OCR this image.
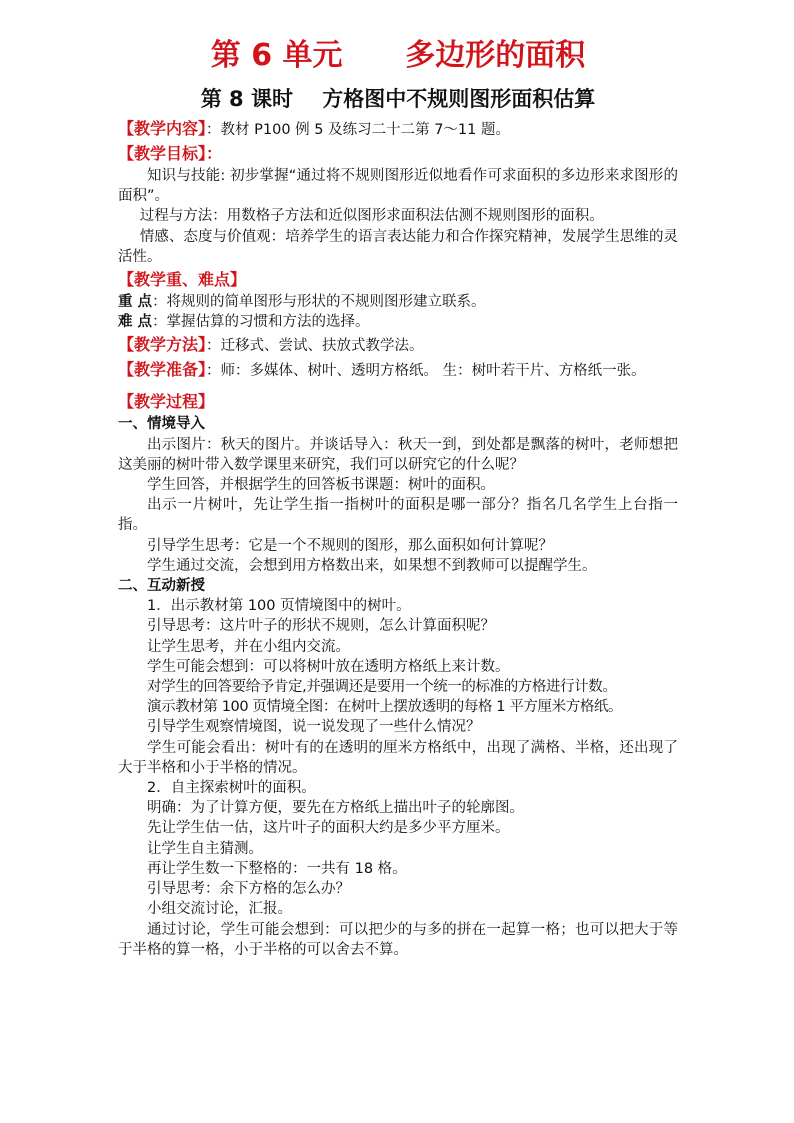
第 6 单元      多边形的面积
第 8 课时    方格图中不规则图形面积估算
【教学内容】：教材 P100 例 5 及练习二十二第 7～11 题。
【教学目标】：

知识与技能: 初步掌握“通过将不规则图形近似地看作可求面积的多边形来求图形的面积”。

过程与方法：用数格子方法和近似图形求面积法估测不规则图形的面积。

情感、态度与价值观：培养学生的语言表达能力和合作探究精神，发展学生思维的灵活性。

【教学重、难点】

重 点：将规则的简单图形与形状的不规则图形建立联系。

难 点：掌握估算的习惯和方法的选择。

【教学方法】：迁移式、尝试、扶放式教学法。
【教学准备】：师：多媒体、树叶、透明方格纸。 生：树叶若干片、方格纸一张。
【教学过程】

一、情境导入

出示图片：秋天的图片。并谈话导入：秋天一到，到处都是飘落的树叶，老师想把这美丽的树叶带入数学课里来研究，我们可以研究它的什么呢？

学生回答，并根据学生的回答板书课题：树叶的面积。

出示一片树叶，先让学生指一指树叶的面积是哪一部分？指名几名学生上台指一指。

引导学生思考：它是一个不规则的图形，那么面积如何计算呢？

学生通过交流，会想到用方格数出来，如果想不到教师可以提醒学生。

二、互动新授

1．出示教材第 100 页情境图中的树叶。

引导思考：这片叶子的形状不规则，怎么计算面积呢？

让学生思考，并在小组内交流。

学生可能会想到：可以将树叶放在透明方格纸上来计数。

对学生的回答要给予肯定,并强调还是要用一个统一的标准的方格进行计数。

演示教材第 100 页情境全图：在树叶上摆放透明的每格 1 平方厘米方格纸。

引导学生观察情境图，说一说发现了一些什么情况？

学生可能会看出：树叶有的在透明的厘米方格纸中，出现了满格、半格，还出现了大于半格和小于半格的情况。

2．自主探索树叶的面积。

明确：为了计算方便，要先在方格纸上描出叶子的轮廓图。

先让学生估一估，这片叶子的面积大约是多少平方厘米。

让学生自主猜测。

再让学生数一下整格的：一共有 18 格。

引导思考：余下方格的怎么办？

小组交流讨论，汇报。

通过讨论，学生可能会想到：可以把少的与多的拼在一起算一格；也可以把大于等于半格的算一格，小于半格的可以舍去不算。
